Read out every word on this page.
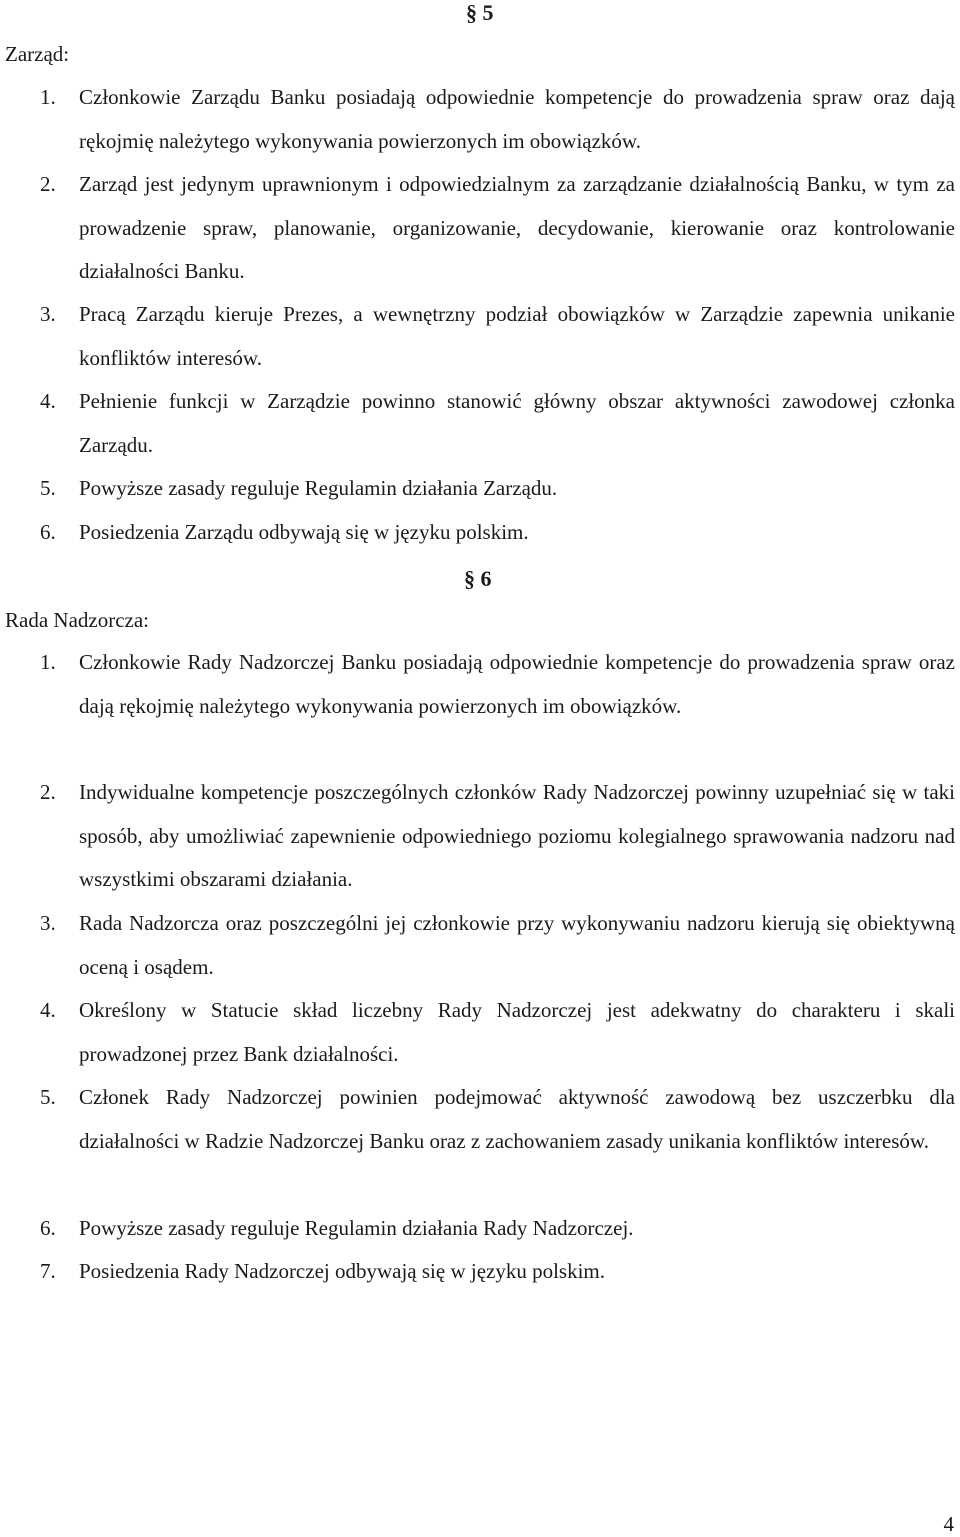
§ 5
Zarząd:
1. Członkowie Zarządu Banku posiadają odpowiednie kompetencje do prowadzenia spraw oraz dają rękojmię należytego wykonywania powierzonych im obowiązków.
2. Zarząd jest jedynym uprawnionym i odpowiedzialnym za zarządzanie działalnością Banku, w tym za prowadzenie spraw, planowanie, organizowanie, decydowanie, kierowanie oraz kontrolowanie działalności Banku.
3. Pracą Zarządu kieruje Prezes, a wewnętrzny podział obowiązków w Zarządzie zapewnia unikanie konfliktów interesów.
4. Pełnienie funkcji w Zarządzie powinno stanowić główny obszar aktywności zawodowej członka Zarządu.
5. Powyższe zasady reguluje Regulamin działania Zarządu.
6. Posiedzenia Zarządu odbywają się w języku polskim.
§ 6
Rada Nadzorcza:
1. Członkowie Rady Nadzorczej Banku posiadają odpowiednie kompetencje do prowadzenia spraw oraz dają rękojmię należytego wykonywania powierzonych im obowiązków.
2. Indywidualne kompetencje poszczególnych członków Rady Nadzorczej powinny uzupełniać się w taki sposób, aby umożliwiać zapewnienie odpowiedniego poziomu kolegialnego sprawowania nadzoru nad wszystkimi obszarami działania.
3. Rada Nadzorcza oraz poszczególni jej członkowie przy wykonywaniu nadzoru kierują się obiektywną oceną i osądem.
4. Określony w Statucie skład liczebny Rady Nadzorczej jest adekwatny do charakteru i skali prowadzonej przez Bank działalności.
5. Członek Rady Nadzorczej powinien podejmować aktywność zawodową bez uszczerbku dla działalności w Radzie Nadzorczej Banku oraz z zachowaniem zasady unikania konfliktów interesów.
6. Powyższe zasady reguluje Regulamin działania Rady Nadzorczej.
7. Posiedzenia Rady Nadzorczej odbywają się w języku polskim.
4
